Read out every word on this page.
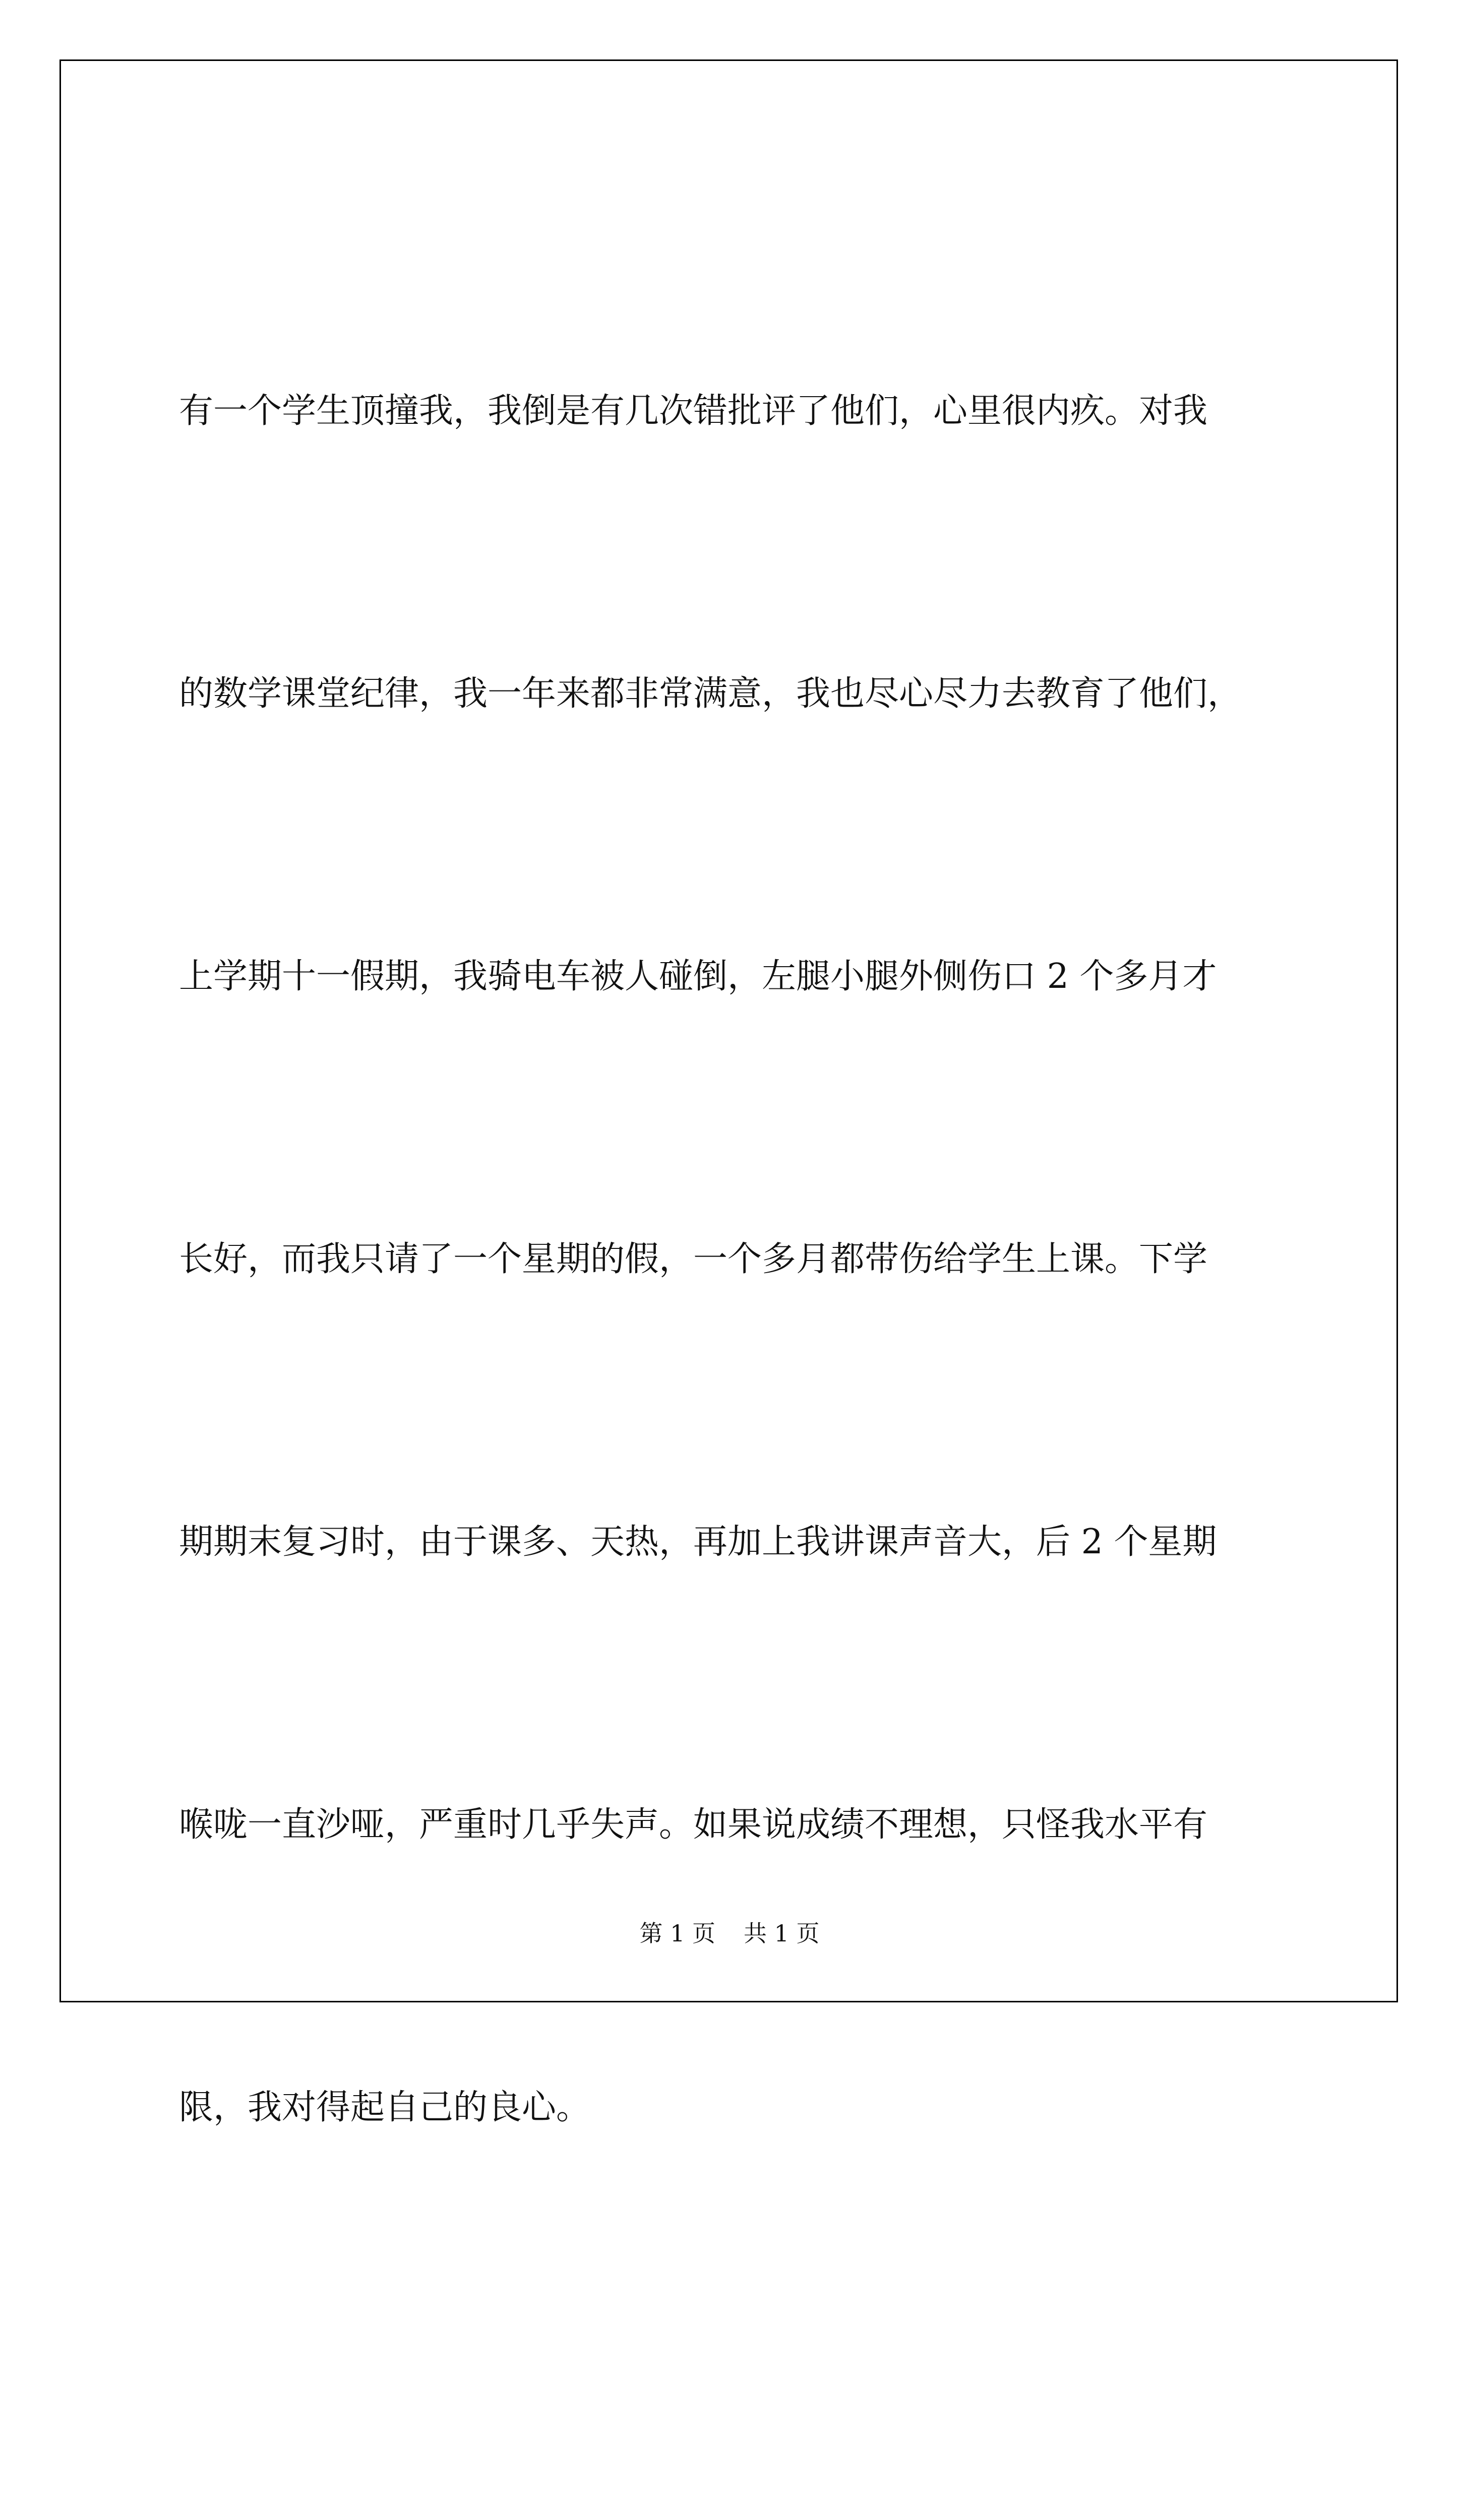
有一个学生顶撞我，我倒是有几次错批评了他们，心里很内疚。对我

的数学课堂纪律，我一年来都非常满意，我也尽心尽力去教育了他们，

上学期十一假期，我骑电车被人碰倒，左腿小腿外侧伤口 2 个多月才

长好，而我只请了一个星期的假，一个多月都带伤给学生上课。下学

期期末复习时，由于课多、天热，再加上我讲课声音大，后 2 个星期

喉咙一直沙哑，严重时几乎失声。如果说成绩不理想，只怪我水平有

限，我对得起自己的良心。

第 1 页 共 1 页
